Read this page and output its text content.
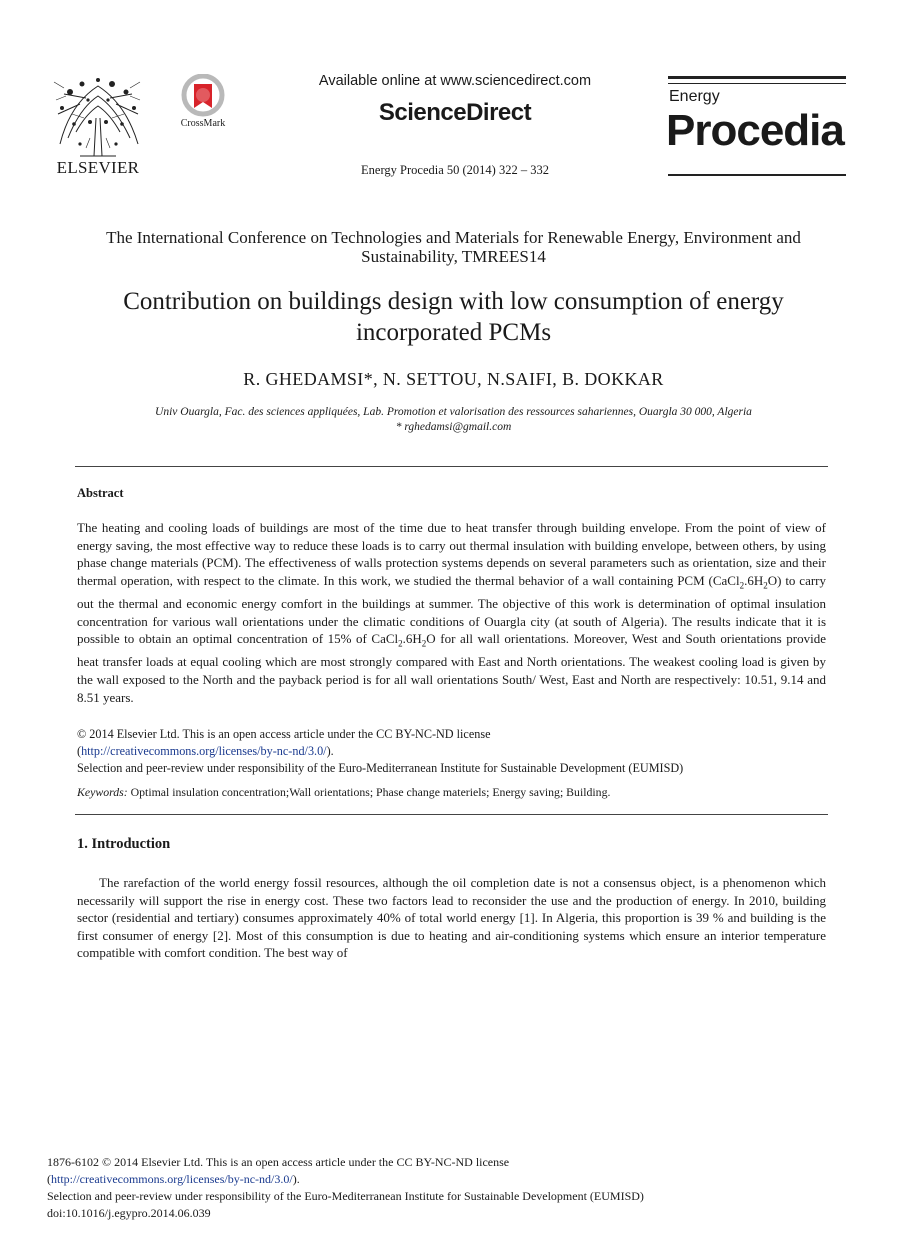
ELSEVIER
CrossMark
Available online at www.sciencedirect.com
ScienceDirect
Energy Procedia 50 (2014) 322 – 332
Energy
Procedia
The International Conference on Technologies and Materials for Renewable Energy, Environment and Sustainability, TMREES14
Contribution on buildings design with low consumption of energy incorporated PCMs
R. GHEDAMSI*, N. SETTOU, N.SAIFI, B. DOKKAR
Univ Ouargla, Fac. des sciences appliquées, Lab. Promotion et valorisation des ressources sahariennes, Ouargla 30 000, Algeria
* rghedamsi@gmail.com
Abstract
The heating and cooling loads of buildings are most of the time due to heat transfer through building envelope. From the point of view of energy saving, the most effective way to reduce these loads is to carry out thermal insulation with building envelope, between others, by using phase change materials (PCM). The effectiveness of walls protection systems depends on several parameters such as orientation, size and their thermal operation, with respect to the climate. In this work, we studied the thermal behavior of a wall containing PCM $(CaCl_2.6H_2O)$ to carry out the thermal and economic energy comfort in the buildings at summer. The objective of this work is determination of optimal insulation concentration for various wall orientations under the climatic conditions of Ouargla city (at south of Algeria). The results indicate that it is possible to obtain an optimal concentration of 15% of $CaCl_2.6H_2O$ for all wall orientations. Moreover, West and South orientations provide heat transfer loads at equal cooling which are most strongly compared with East and North orientations. The weakest cooling load is given by the wall exposed to the North and the payback period is for all wall orientations South/ West, East and North are respectively: 10.51, 9.14 and 8.51 years.
© 2014 Elsevier Ltd. This is an open access article under the CC BY-NC-ND license
(http://creativecommons.org/licenses/by-nc-nd/3.0/).
Selection and peer-review under responsibility of the Euro-Mediterranean Institute for Sustainable Development (EUMISD)
Keywords: Optimal insulation concentration;Wall orientations; Phase change materiels; Energy saving; Building.
1. Introduction
The rarefaction of the world energy fossil resources, although the oil completion date is not a consensus object, is a phenomenon which necessarily will support the rise in energy cost. These two factors lead to reconsider the use and the production of energy. In 2010, building sector (residential and tertiary) consumes approximately 40% of total world energy [1]. In Algeria, this proportion is 39 % and building is the first consumer of energy [2]. Most of this consumption is due to heating and air-conditioning systems which ensure an interior temperature compatible with comfort condition. The best way of
1876-6102 © 2014 Elsevier Ltd. This is an open access article under the CC BY-NC-ND license
(http://creativecommons.org/licenses/by-nc-nd/3.0/).
Selection and peer-review under responsibility of the Euro-Mediterranean Institute for Sustainable Development (EUMISD)
doi:10.1016/j.egypro.2014.06.039
